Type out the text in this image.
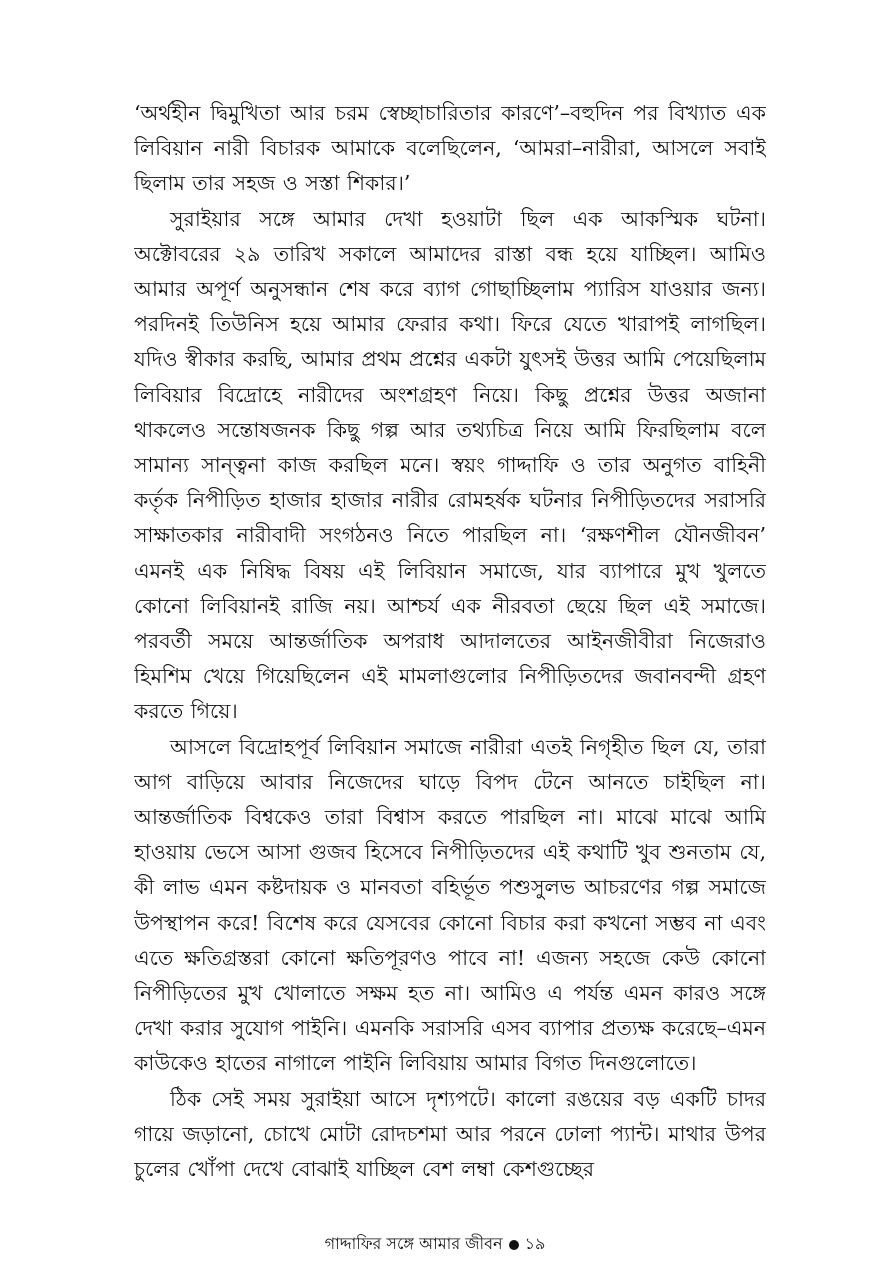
‘অর্থহীন দ্বিমুখিতা আর চরম স্বেচ্ছাচারিতার কারণে’–বহুদিন পর বিখ্যাত এক লিবিয়ান নারী বিচারক আমাকে বলেছিলেন, ‘আমরা–নারীরা, আসলে সবাই ছিলাম তার সহজ ও সস্তা শিকার।’

সুরাইয়ার সঙ্গে আমার দেখা হওয়াটা ছিল এক আকস্মিক ঘটনা। অক্টোবরের ২৯ তারিখ সকালে আমাদের রাস্তা বন্ধ হয়ে যাচ্ছিল। আমিও আমার অপূর্ণ অনুসন্ধান শেষ করে ব্যাগ গোছাচ্ছিলাম প্যারিস যাওয়ার জন্য। পরদিনই তিউনিস হয়ে আমার ফেরার কথা। ফিরে যেতে খারাপই লাগছিল। যদিও স্বীকার করছি, আমার প্রথম প্রশ্নের একটা যুৎসই উত্তর আমি পেয়েছিলাম লিবিয়ার বিদ্রোহে নারীদের অংশগ্রহণ নিয়ে। কিছু প্রশ্নের উত্তর অজানা থাকলেও সন্তোষজনক কিছু গল্প আর তথ্যচিত্র নিয়ে আমি ফিরছিলাম বলে সামান্য সান্ত্বনা কাজ করছিল মনে। স্বয়ং গাদ্দাফি ও তার অনুগত বাহিনী কর্তৃক নিপীড়িত হাজার হাজার নারীর রোমহর্ষক ঘটনার নিপীড়িতদের সরাসরি সাক্ষাতকার নারীবাদী সংগঠনও নিতে পারছিল না। ‘রক্ষণশীল যৌনজীবন’ এমনই এক নিষিদ্ধ বিষয় এই লিবিয়ান সমাজে, যার ব্যাপারে মুখ খুলতে কোনো লিবিয়ানই রাজি নয়। আশ্চর্য এক নীরবতা ছেয়ে ছিল এই সমাজে। পরবর্তী সময়ে আন্তর্জাতিক অপরাধ আদালতের আইনজীবীরা নিজেরাও হিমশিম খেয়ে গিয়েছিলেন এই মামলাগুলোর নিপীড়িতদের জবানবন্দী গ্রহণ করতে গিয়ে।

আসলে বিদ্রোহপূর্ব লিবিয়ান সমাজে নারীরা এতই নিগৃহীত ছিল যে, তারা আগ বাড়িয়ে আবার নিজেদের ঘাড়ে বিপদ টেনে আনতে চাইছিল না। আন্তর্জাতিক বিশ্বকেও তারা বিশ্বাস করতে পারছিল না। মাঝে মাঝে আমি হাওয়ায় ভেসে আসা গুজব হিসেবে নিপীড়িতদের এই কথাটি খুব শুনতাম যে, কী লাভ এমন কষ্টদায়ক ও মানবতা বহির্ভূত পশুসুলভ আচরণের গল্প সমাজে উপস্থাপন করে! বিশেষ করে যেসবের কোনো বিচার করা কখনো সম্ভব না এবং এতে ক্ষতিগ্রস্তরা কোনো ক্ষতিপূরণও পাবে না! এজন্য সহজে কেউ কোনো নিপীড়িতের মুখ খোলাতে সক্ষম হত না। আমিও এ পর্যন্ত এমন কারও সঙ্গে দেখা করার সুযোগ পাইনি। এমনকি সরাসরি এসব ব্যাপার প্রত্যক্ষ করেছে–এমন কাউকেও হাতের নাগালে পাইনি লিবিয়ায় আমার বিগত দিনগুলোতে।

ঠিক সেই সময় সুরাইয়া আসে দৃশ্যপটে। কালো রঙয়ের বড় একটি চাদর গায়ে জড়ানো, চোখে মোটা রোদচশমা আর পরনে ঢোলা প্যান্ট। মাথার উপর চুলের খোঁপা দেখে বোঝাই যাচ্ছিল বেশ লম্বা কেশগুচ্ছের

গাদ্দাফির সঙ্গে আমার জীবন ১৯
